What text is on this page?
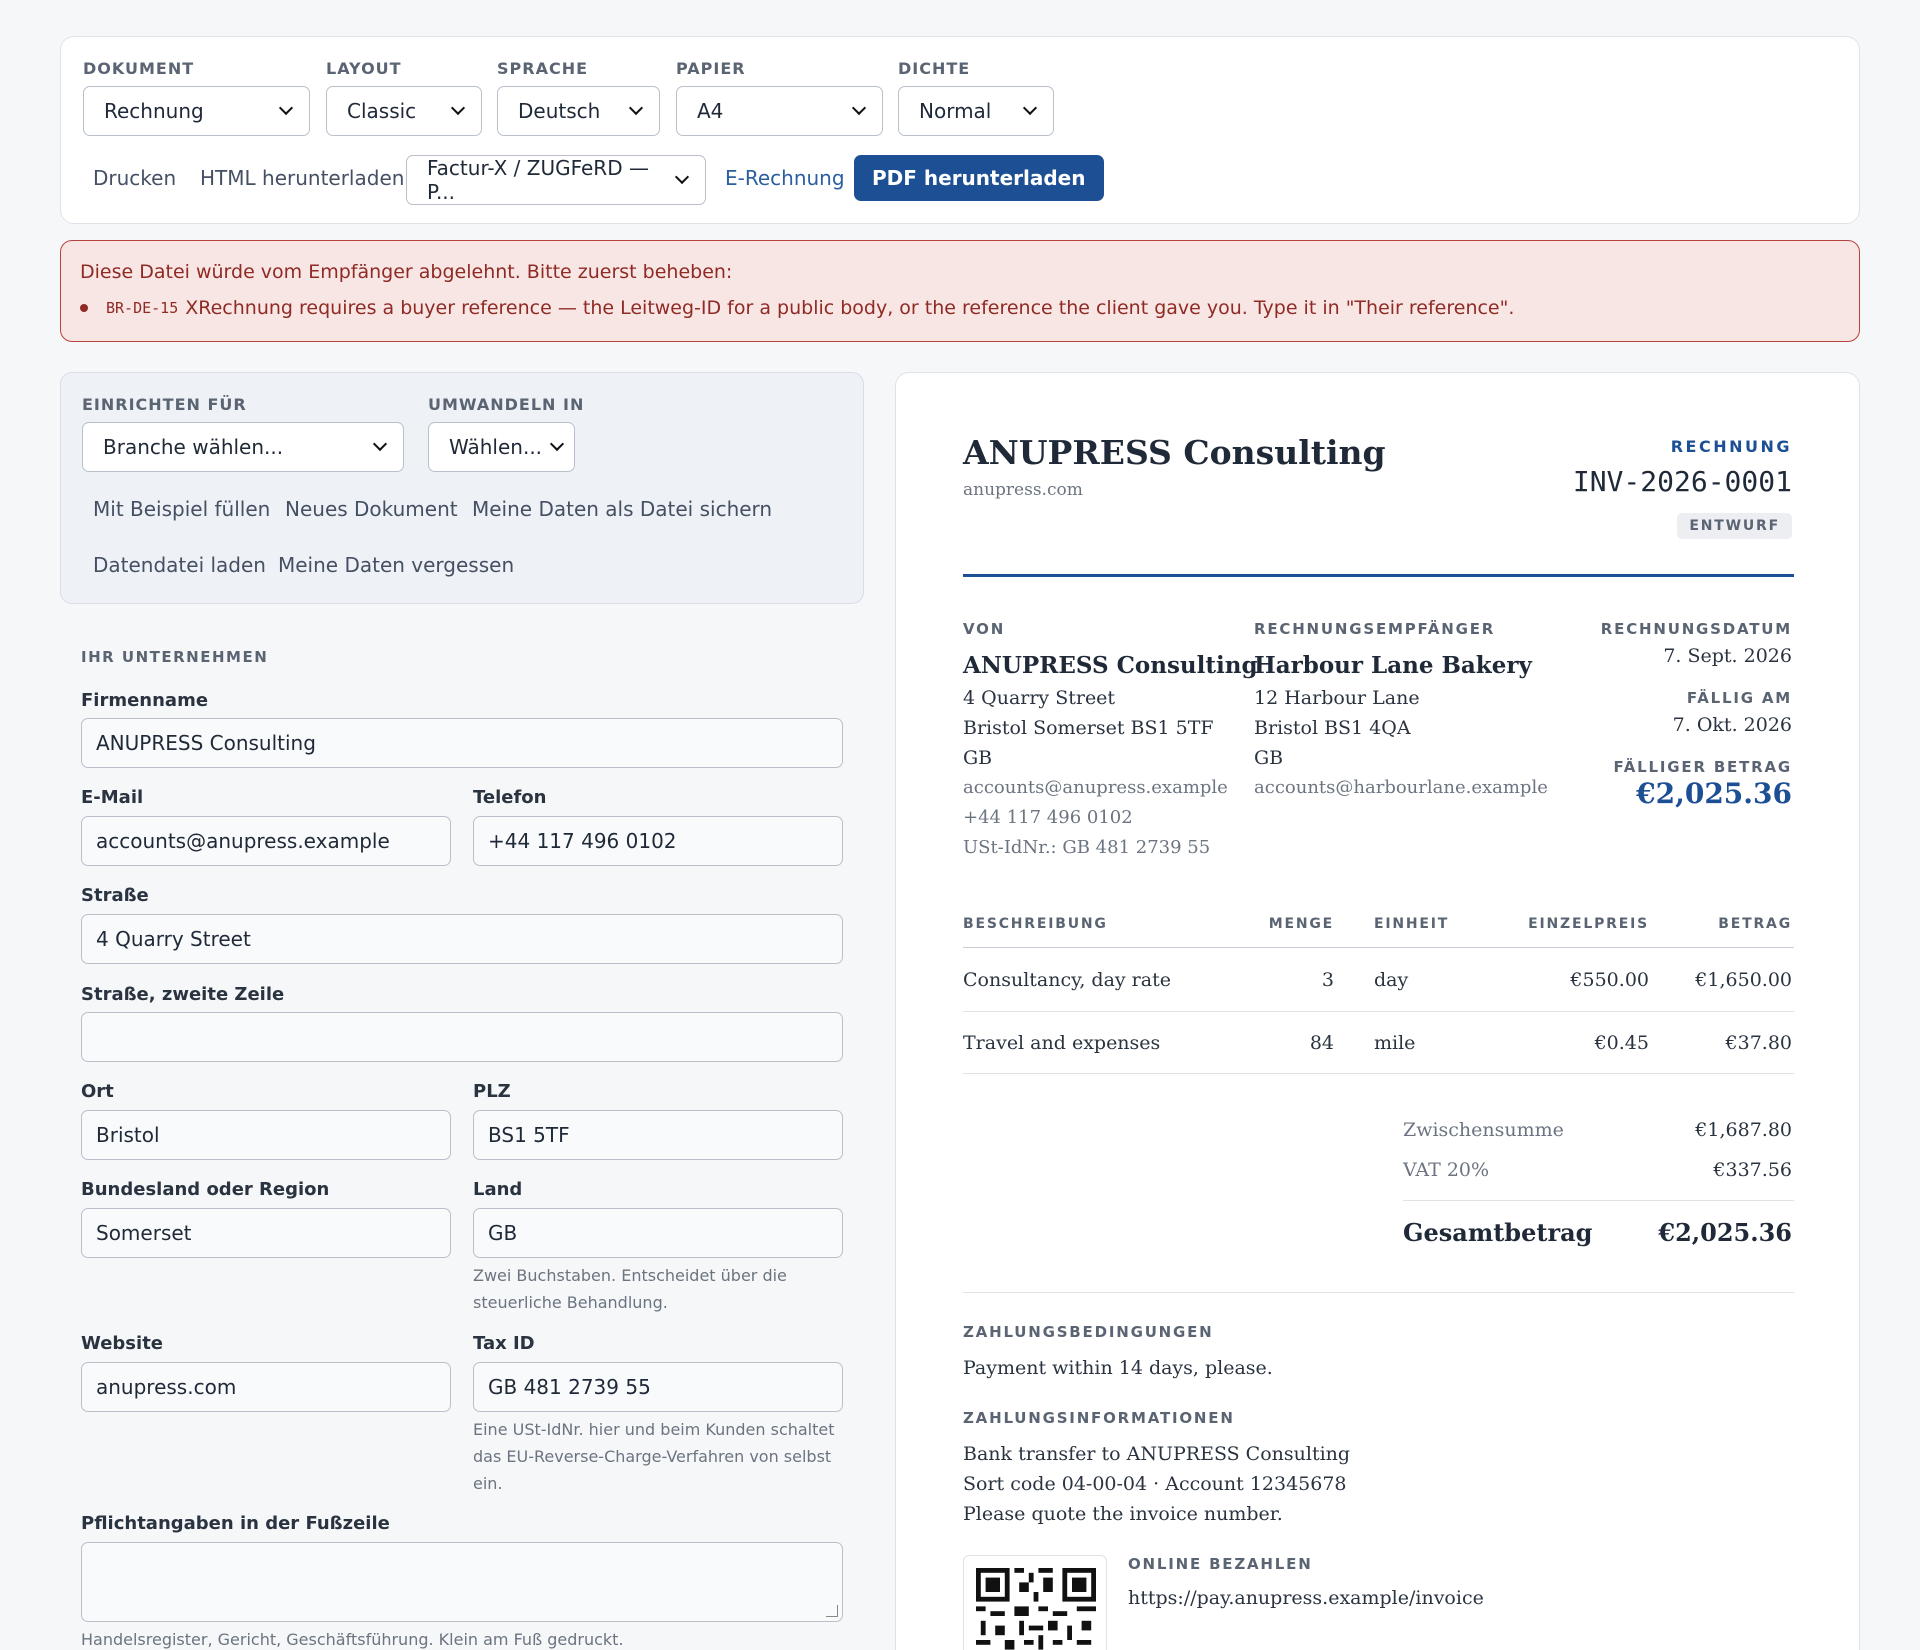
DOKUMENT
Rechnung
LAYOUT
Classic
SPRACHE
Deutsch
PAPIER
A4
DICHTE
Normal
Drucken HTML herunterladen Factur-X / ZUGFeRD — P...
E-Rechnung	PDF herunterladen
Diese Datei würde vom Empfänger abgelehnt. Bitte zuerst beheben:
BR-DE-15 XRechnung requires a buyer reference — the Leitweg-ID for a public body, or the reference the client gave you. Type it in "Their reference".
EINRICHTEN FÜR
Branche wählen...
UMWANDELN IN
Wählen...
Mit Beispiel füllen Neues Dokument Meine Daten als Datei sichern
Datendatei laden Meine Daten vergessen
IHR UNTERNEHMEN
Firmenname
ANUPRESS Consulting
E-Mail
accounts@anupress.example
Telefon
+44 117 496 0102
Straße
4 Quarry Street
Straße, zweite Zeile
Ort
Bristol
PLZ
BS1 5TF
Bundesland oder Region
Somerset
Land
GB
Zwei Buchstaben. Entscheidet über die
steuerliche Behandlung.
Website
anupress.com
Tax ID
GB 481 2739 55
Eine USt-IdNr. hier und beim Kunden schaltet
das EU-Reverse-Charge-Verfahren von selbst
ein.
Pflichtangaben in der Fußzeile
Handelsregister, Gericht, Geschäftsführung. Klein am Fuß gedruckt.
ANUPRESS Consulting
anupress.com
RECHNUNG
INV-2026-0001
ENTWURF
VON
ANUPRESS Consulting
4 Quarry Street
Bristol Somerset BS1 5TF
GB
accounts@anupress.example
+44 117 496 0102
USt-IdNr.: GB 481 2739 55
RECHNUNGSEMPFÄNGER
Harbour Lane Bakery
12 Harbour Lane
Bristol BS1 4QA
GB
accounts@harbourlane.example
RECHNUNGSDATUM
7. Sept. 2026
FÄLLIG AM
7. Okt. 2026
FÄLLIGER BETRAG
€2,025.36
BESCHREIBUNG	MENGE	EINHEIT	EINZELPREIS	BETRAG
Consultancy, day rate	3 day	€550.00 €1,650.00
Travel and expenses	84 mile	€0.45	€37.80
Zwischensumme	€1,687.80
VAT 20%	€337.56
Gesamtbetrag	€2,025.36
ZAHLUNGSBEDINGUNGEN
Payment within 14 days, please.
ZAHLUNGSINFORMATIONEN
Bank transfer to ANUPRESS Consulting
Sort code 04-00-04 · Account 12345678
Please quote the invoice number.
ONLINE BEZAHLEN
https://pay.anupress.example/invoice
